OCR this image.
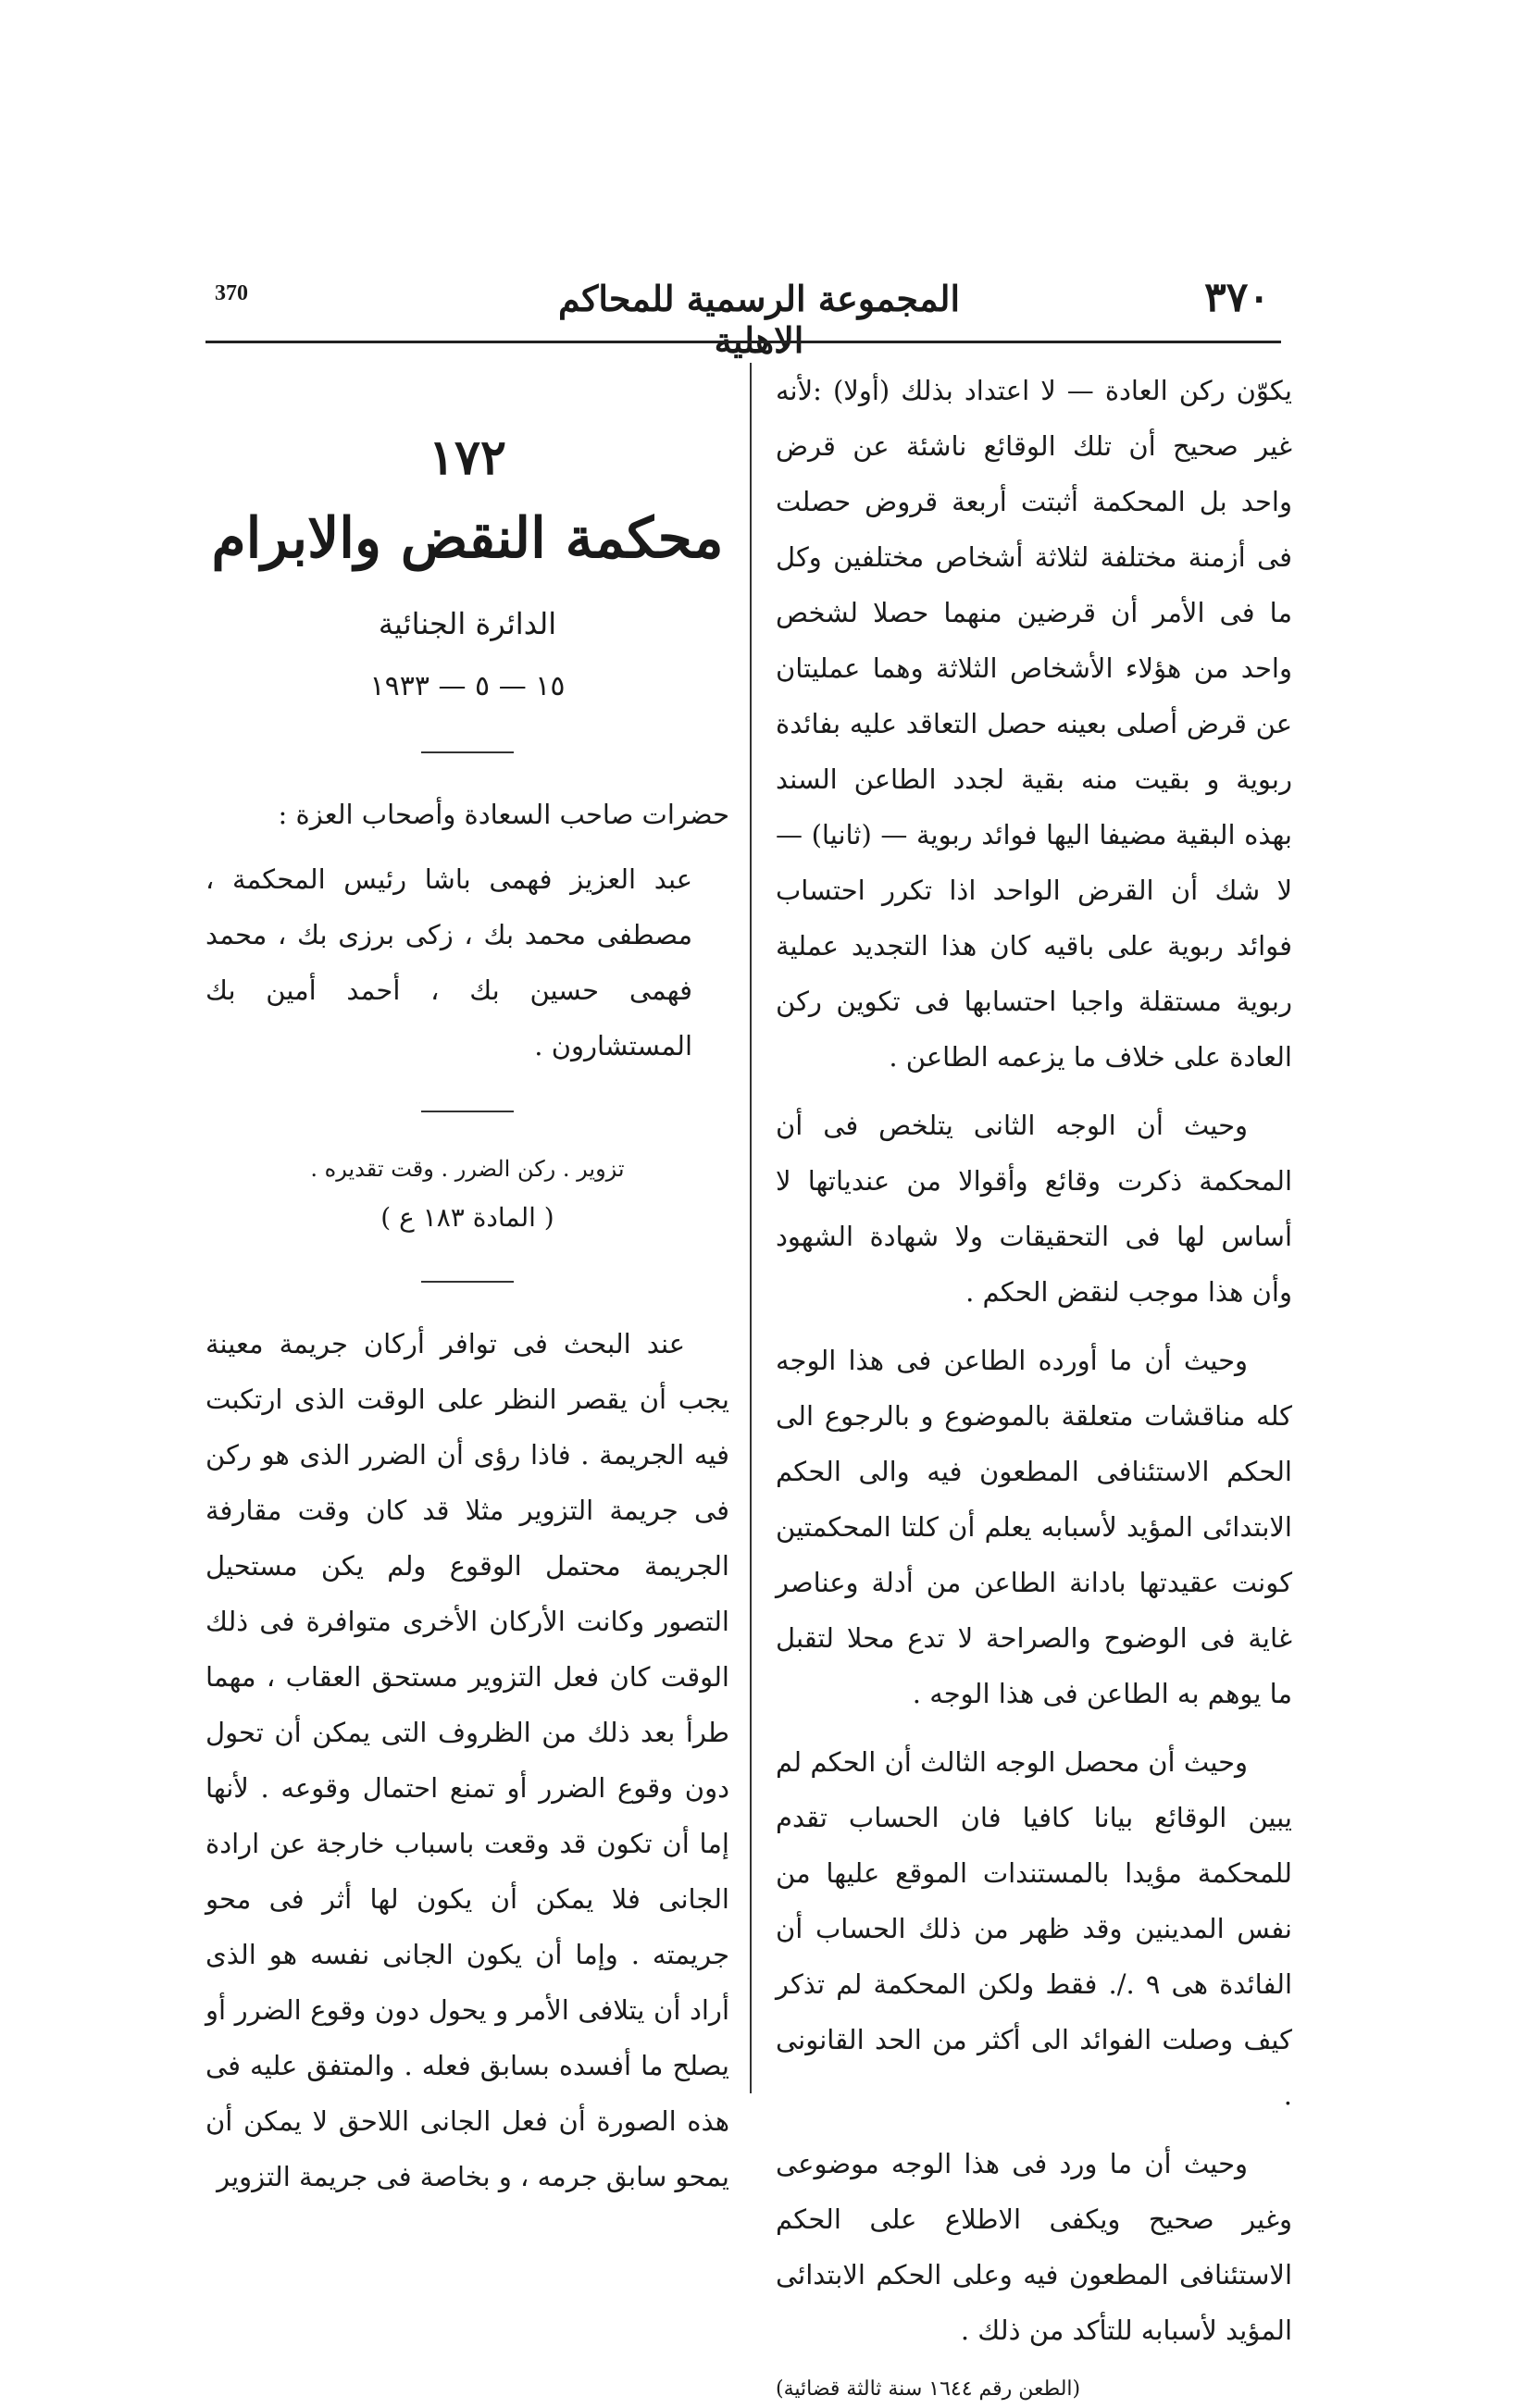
370	المجموعة الرسمية للمحاكم الاهلية
٣٧٠

يكوّن ركن العادة — لا اعتداد بذلك (أولا) :لأنه غير صحيح أن تلك الوقائع ناشئة عن قرض واحد بل المحكمة أثبتت أربعة قروض حصلت فى أزمنة مختلفة لثلاثة أشخاص مختلفين وكل ما فى الأمر أن قرضين منهما حصلا لشخص واحد من هؤلاء الأشخاص الثلاثة وهما عمليتان عن قرض أصلى بعينه حصل التعاقد عليه بفائدة ربوية و بقيت منه بقية لجدد الطاعن السند بهذه البقية مضيفا اليها فوائد ربوية — (ثانيا) — لا شك أن القرض الواحد اذا تكرر احتساب فوائد ربوية على باقيه كان هذا التجديد عملية ربوية مستقلة واجبا احتسابها فى تكوين ركن العادة على خلاف ما يزعمه الطاعن .

وحيث أن الوجه الثانى يتلخص فى أن المحكمة ذكرت وقائع وأقوالا من عندياتها لا أساس لها فى التحقيقات ولا شهادة الشهود وأن هذا موجب لنقض الحكم .

وحيث أن ما أورده الطاعن فى هذا الوجه كله مناقشات متعلقة بالموضوع و بالرجوع الى الحكم الاستئنافى المطعون فيه والى الحكم الابتدائى المؤيد لأسبابه يعلم أن كلتا المحكمتين كونت عقيدتها بادانة الطاعن من أدلة وعناصر غاية فى الوضوح والصراحة لا تدع محلا لتقبل ما يوهم به الطاعن فى هذا الوجه .

وحيث أن محصل الوجه الثالث أن الحكم لم يبين الوقائع بيانا كافيا فان الحساب تقدم للمحكمة مؤيدا بالمستندات الموقع عليها من نفس المدينين وقد ظهر من ذلك الحساب أن الفائدة هى ٩ ./. فقط ولكن المحكمة لم تذكر كيف وصلت الفوائد الى أكثر من الحد القانونى .

وحيث أن ما ورد فى هذا الوجه موضوعى وغير صحيح ويكفى الاطلاع على الحكم الاستئنافى المطعون فيه وعلى الحكم الابتدائى المؤيد لأسبابه للتأكد من ذلك .

(الطعن رقم ١٦٤٤ سنة ثالثة قضائية)
١٧٢
محكمة النقض والابرام
الدائرة الجنائية
١٥ — ٥ — ١٩٣٣

حضرات صاحب السعادة وأصحاب العزة :

عبد العزيز فهمى باشا رئيس المحكمة ، مصطفى محمد بك ، زكى برزى بك ، محمد فهمى حسين بك ، أحمد أمين بك المستشارون .

تزوير . ركن الضرر . وقت تقديره .
( المادة ١٨٣ ع )

عند البحث فى توافر أركان جريمة معينة يجب أن يقصر النظر على الوقت الذى ارتكبت فيه الجريمة . فاذا رؤى أن الضرر الذى هو ركن فى جريمة التزوير مثلا قد كان وقت مقارفة الجريمة محتمل الوقوع ولم يكن مستحيل التصور وكانت الأركان الأخرى متوافرة فى ذلك الوقت كان فعل التزوير مستحق العقاب ، مهما طرأ بعد ذلك من الظروف التى يمكن أن تحول دون وقوع الضرر أو تمنع احتمال وقوعه . لأنها إما أن تكون قد وقعت باسباب خارجة عن ارادة الجانى فلا يمكن أن يكون لها أثر فى محو جريمته . وإما أن يكون الجانى نفسه هو الذى أراد أن يتلافى الأمر و يحول دون وقوع الضرر أو يصلح ما أفسده بسابق فعله . والمتفق عليه فى هذه الصورة أن فعل الجانى اللاحق لا يمكن أن يمحو سابق جرمه ، و بخاصة فى جريمة التزوير
